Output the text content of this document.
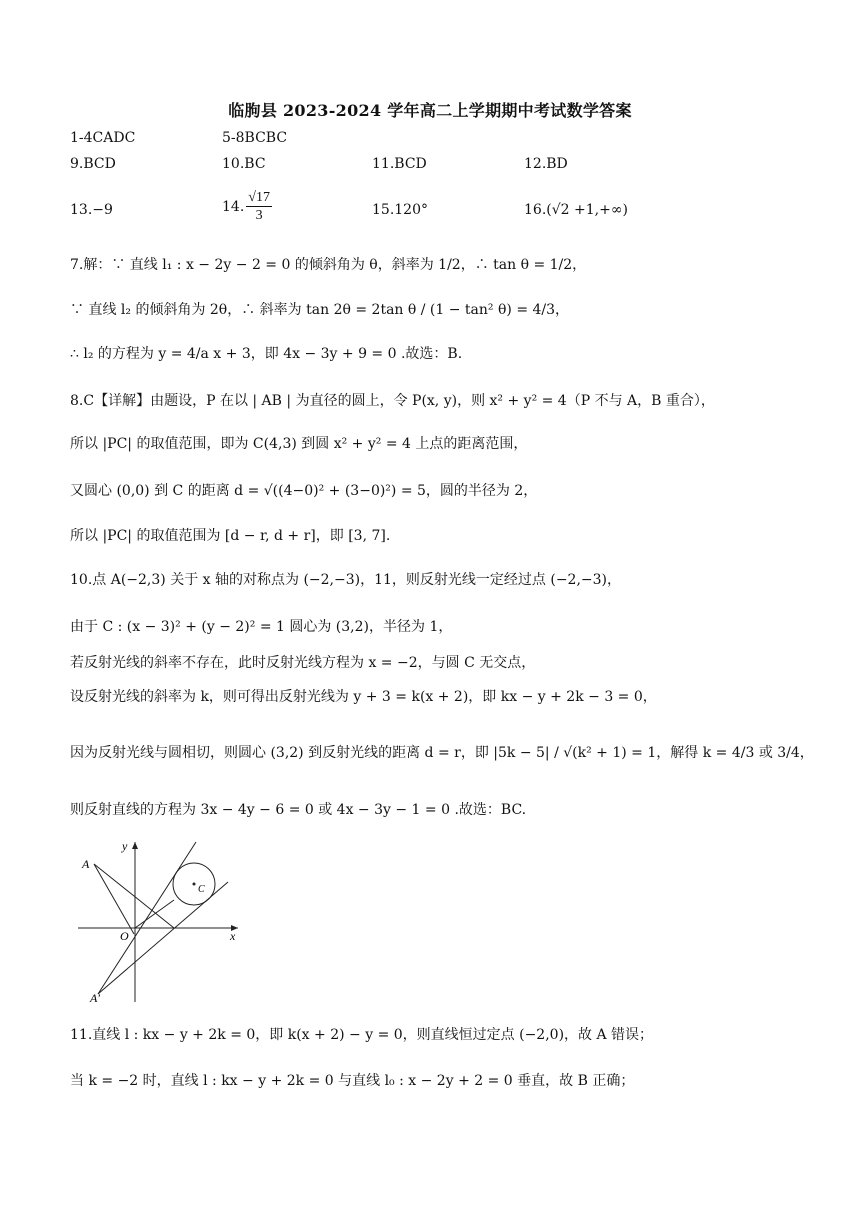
临朐县 2023-2024 学年高二上学期期中考试数学答案
1-4CADC	5-8BCBC
9.BCD	10.BC	11.BCD	12.BD
13.−9	14. $\frac{√17}{3}$	15.120°	16.(√2 +1,+∞)
7.解：∵ 直线 l₁ : x − 2y − 2 = 0 的倾斜角为 θ，斜率为 1/2，∴ tan θ = 1/2，
∵ 直线 l₂ 的倾斜角为 2θ，∴ 斜率为 tan 2θ = 2tan θ / (1 − tan² θ) = 4/3，
∴ l₂ 的方程为 y = 4/a x + 3，即 4x − 3y + 9 = 0 .故选：B.
8.C【详解】由题设，P 在以 | AB | 为直径的圆上，令 P(x, y)，则 x² + y² = 4（P 不与 A，B 重合），
所以 |PC| 的取值范围，即为 C(4,3) 到圆 x² + y² = 4 上点的距离范围，
又圆心 (0,0) 到 C 的距离 d = √((4−0)² + (3−0)²) = 5，圆的半径为 2，
所以 |PC| 的取值范围为 [d − r, d + r]，即 [3, 7].
10.点 A(−2,3) 关于 x 轴的对称点为 (−2,−3)，11，则反射光线一定经过点 (−2,−3)，
由于 C : (x − 3)² + (y − 2)² = 1 圆心为 (3,2)，半径为 1，
若反射光线的斜率不存在，此时反射光线方程为 x = −2，与圆 C 无交点，
设反射光线的斜率为 k，则可得出反射光线为 y + 3 = k(x + 2)，即 kx − y + 2k − 3 = 0，
因为反射光线与圆相切，则圆心 (3,2) 到反射光线的距离 d = r，即 |5k − 5| / √(k² + 1) = 1，解得 k = 4/3 或 3/4，
则反射直线的方程为 3x − 4y − 6 = 0 或 4x − 3y − 1 = 0 .故选：BC.
A
A′
O
C
x
y
11.直线 l : kx − y + 2k = 0，即 k(x + 2) − y = 0，则直线恒过定点 (−2,0)，故 A 错误；
当 k = −2 时，直线 l : kx − y + 2k = 0 与直线 l₀ : x − 2y + 2 = 0 垂直，故 B 正确；
